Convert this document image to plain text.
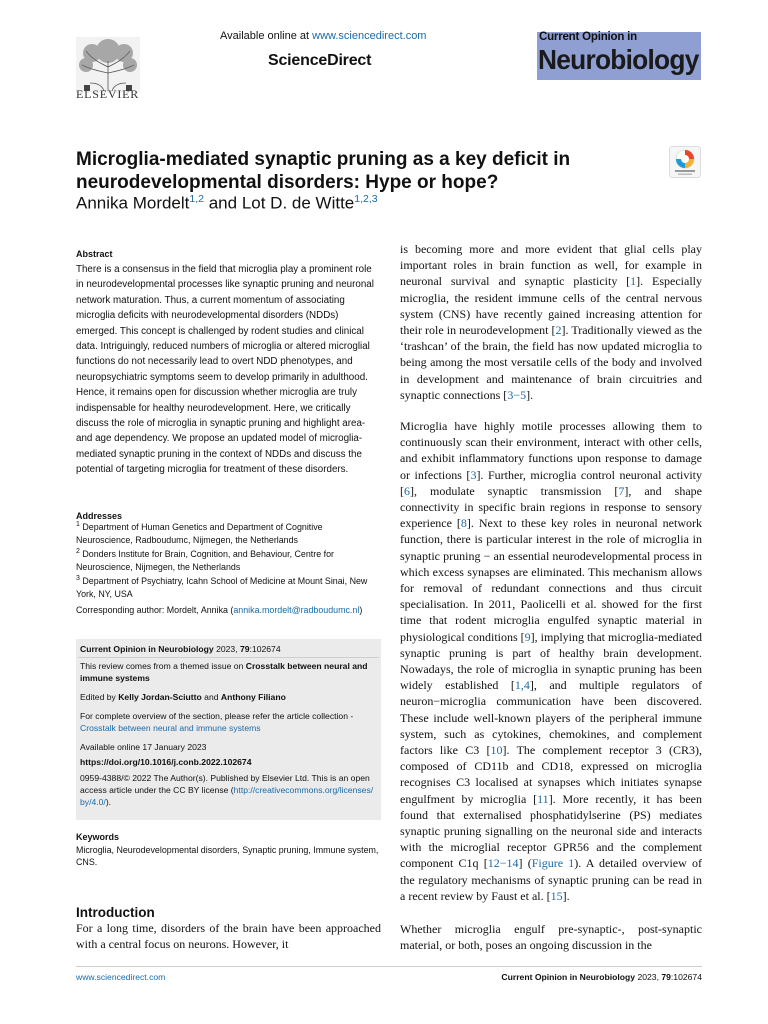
ELSEVIER
Available online at www.sciencedirect.com
ScienceDirect
Current Opinion in
Neurobiology
Microglia-mediated synaptic pruning as a key deficit in neurodevelopmental disorders: Hype or hope?
Annika Mordelt$^{1,2}$ and Lot D. de Witte$^{1,2,3}$
Abstract
There is a consensus in the field that microglia play a prominent role in neurodevelopmental processes like synaptic pruning and neuronal network maturation. Thus, a current momentum of associating microglia deficits with neurodevelopmental disorders (NDDs) emerged. This concept is challenged by rodent studies and clinical data. Intriguingly, reduced numbers of microglia or altered microglial functions do not necessarily lead to overt NDD phenotypes, and neuropsychiatric symptoms seem to develop primarily in adulthood. Hence, it remains open for discussion whether microglia are truly indispensable for healthy neurodevelopment. Here, we critically discuss the role of microglia in synaptic pruning and highlight area- and age dependency. We propose an updated model of microglia-mediated synaptic pruning in the context of NDDs and discuss the potential of targeting microglia for treatment of these disorders.
Addresses
$^1$ Department of Human Genetics and Department of Cognitive Neuroscience, Radboudumc, Nijmegen, the Netherlands
$^2$ Donders Institute for Brain, Cognition, and Behaviour, Centre for Neuroscience, Nijmegen, the Netherlands
$^3$ Department of Psychiatry, Icahn School of Medicine at Mount Sinai, New York, NY, USA
Corresponding author: Mordelt, Annika (annika.mordelt@radboudumc.nl)
Current Opinion in Neurobiology 2023, 79:102674
This review comes from a themed issue on Crosstalk between neural and immune systems
Edited by Kelly Jordan-Sciutto and Anthony Filiano
For complete overview of the section, please refer the article collection - Crosstalk between neural and immune systems
Available online 17 January 2023
https://doi.org/10.1016/j.conb.2022.102674
0959-4388/© 2022 The Author(s). Published by Elsevier Ltd. This is an open access article under the CC BY license (http://creativecommons.org/licenses/by/4.0/).
Keywords
Microglia, Neurodevelopmental disorders, Synaptic pruning, Immune system, CNS.
Introduction
For a long time, disorders of the brain have been approached with a central focus on neurons. However, it
is becoming more and more evident that glial cells play important roles in brain function as well, for example in neuronal survival and synaptic plasticity [1]. Especially microglia, the resident immune cells of the central nervous system (CNS) have recently gained increasing attention for their role in neurodevelopment [2]. Traditionally viewed as the ‘trashcan’ of the brain, the field has now updated microglia to being among the most versatile cells of the body and involved in development and maintenance of brain circuitries and synaptic connections [3−5].
Microglia have highly motile processes allowing them to continuously scan their environment, interact with other cells, and exhibit inflammatory functions upon response to damage or infections [3]. Further, microglia control neuronal activity [6], modulate synaptic transmission [7], and shape connectivity in specific brain regions in response to sensory experience [8]. Next to these key roles in neuronal network function, there is particular interest in the role of microglia in synaptic pruning − an essential neurodevelopmental process in which excess synapses are eliminated. This mechanism allows for removal of redundant connections and thus circuit specialisation. In 2011, Paolicelli et al. showed for the first time that rodent microglia engulfed synaptic material in physiological conditions [9], implying that microglia-mediated synaptic pruning is part of healthy brain development. Nowadays, the role of microglia in synaptic pruning has been widely established [1,4], and multiple regulators of neuron−microglia communication have been discovered. These include well-known players of the peripheral immune system, such as cytokines, chemokines, and complement factors like C3 [10]. The complement receptor 3 (CR3), composed of CD11b and CD18, expressed on microglia recognises C3 localised at synapses which initiates synapse engulfment by microglia [11]. More recently, it has been found that externalised phosphatidylserine (PS) mediates synaptic pruning signalling on the neuronal side and interacts with the microglial receptor GPR56 and the complement component C1q [12−14] (Figure 1). A detailed overview of the regulatory mechanisms of synaptic pruning can be read in a recent review by Faust et al. [15].
Whether microglia engulf pre-synaptic-, post-synaptic material, or both, poses an ongoing discussion in the
www.sciencedirect.com	Current Opinion in Neurobiology 2023, 79:102674
